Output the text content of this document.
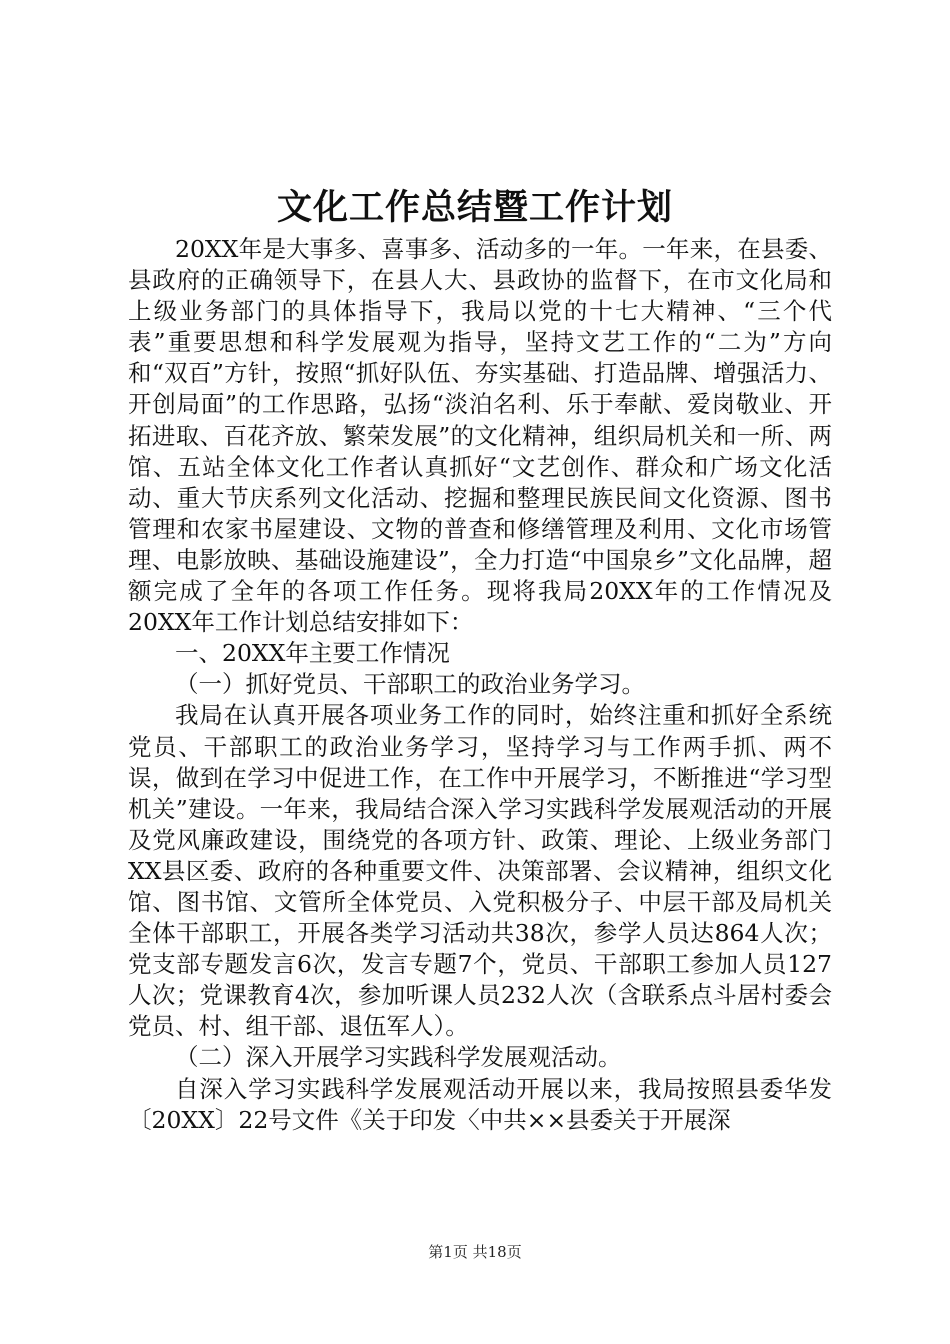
文化工作总结暨工作计划

20XX年是大事多、喜事多、活动多的一年。一年来，在县委、县政府的正确领导下，在县人大、县政协的监督下，在市文化局和上级业务部门的具体指导下，我局以党的十七大精神、“三个代表”重要思想和科学发展观为指导，坚持文艺工作的“二为”方向和“双百”方针，按照“抓好队伍、夯实基础、打造品牌、增强活力、开创局面”的工作思路，弘扬“淡泊名利、乐于奉献、爱岗敬业、开拓进取、百花齐放、繁荣发展”的文化精神，组织局机关和一所、两馆、五站全体文化工作者认真抓好“文艺创作、群众和广场文化活动、重大节庆系列文化活动、挖掘和整理民族民间文化资源、图书管理和农家书屋建设、文物的普查和修缮管理及利用、文化市场管理、电影放映、基础设施建设”，全力打造“中国泉乡”文化品牌，超额完成了全年的各项工作任务。现将我局20XX年的工作情况及20XX年工作计划总结安排如下：

一、20XX年主要工作情况

（一）抓好党员、干部职工的政治业务学习。

我局在认真开展各项业务工作的同时，始终注重和抓好全系统党员、干部职工的政治业务学习，坚持学习与工作两手抓、两不误，做到在学习中促进工作，在工作中开展学习，不断推进“学习型机关”建设。一年来，我局结合深入学习实践科学发展观活动的开展及党风廉政建设，围绕党的各项方针、政策、理论、上级业务部门XX县区委、政府的各种重要文件、决策部署、会议精神，组织文化馆、图书馆、文管所全体党员、入党积极分子、中层干部及局机关全体干部职工，开展各类学习活动共38次，参学人员达864人次；党支部专题发言6次，发言专题7个，党员、干部职工参加人员127人次；党课教育4次，参加听课人员232人次（含联系点斗居村委会党员、村、组干部、退伍军人）。

（二）深入开展学习实践科学发展观活动。

自深入学习实践科学发展观活动开展以来，我局按照县委华发〔20XX〕22号文件《关于印发〈中共××县委关于开展深

第1页 共18页
